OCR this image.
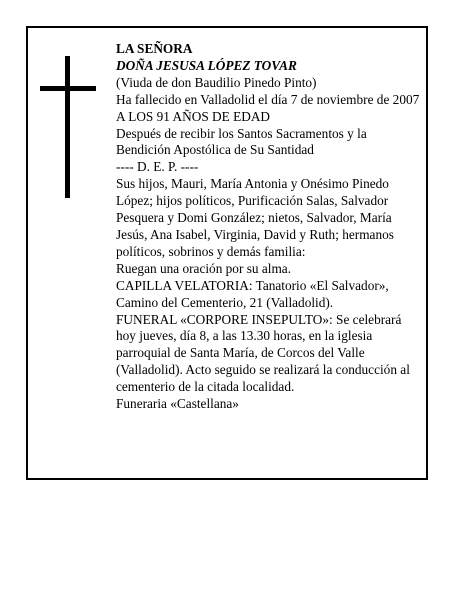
LA SEÑORA

DOÑA JESUSA LÓPEZ TOVAR

(Viuda de don Baudilio Pinedo Pinto)

Ha fallecido en Valladolid el día 7 de noviembre de 2007

A LOS 91 AÑOS DE EDAD

Después de recibir los Santos Sacramentos y la Bendición Apostólica de Su Santidad

---- D. E. P. ----

Sus hijos, Mauri, María Antonia y Onésimo Pinedo López; hijos políticos, Purificación Salas, Salvador Pesquera y Domi González; nietos, Salvador, María Jesús, Ana Isabel, Virginia, David y Ruth; hermanos políticos, sobrinos y demás familia:

Ruegan una oración por su alma.

CAPILLA VELATORIA: Tanatorio «El Salvador», Camino del Cementerio, 21 (Valladolid).

FUNERAL «CORPORE INSEPULTO»: Se celebrará hoy jueves, día 8, a las 13.30 horas, en la iglesia parroquial de Santa María, de Corcos del Valle (Valladolid). Acto seguido se realizará la conducción al cementerio de la citada localidad.

Funeraria «Castellana»
